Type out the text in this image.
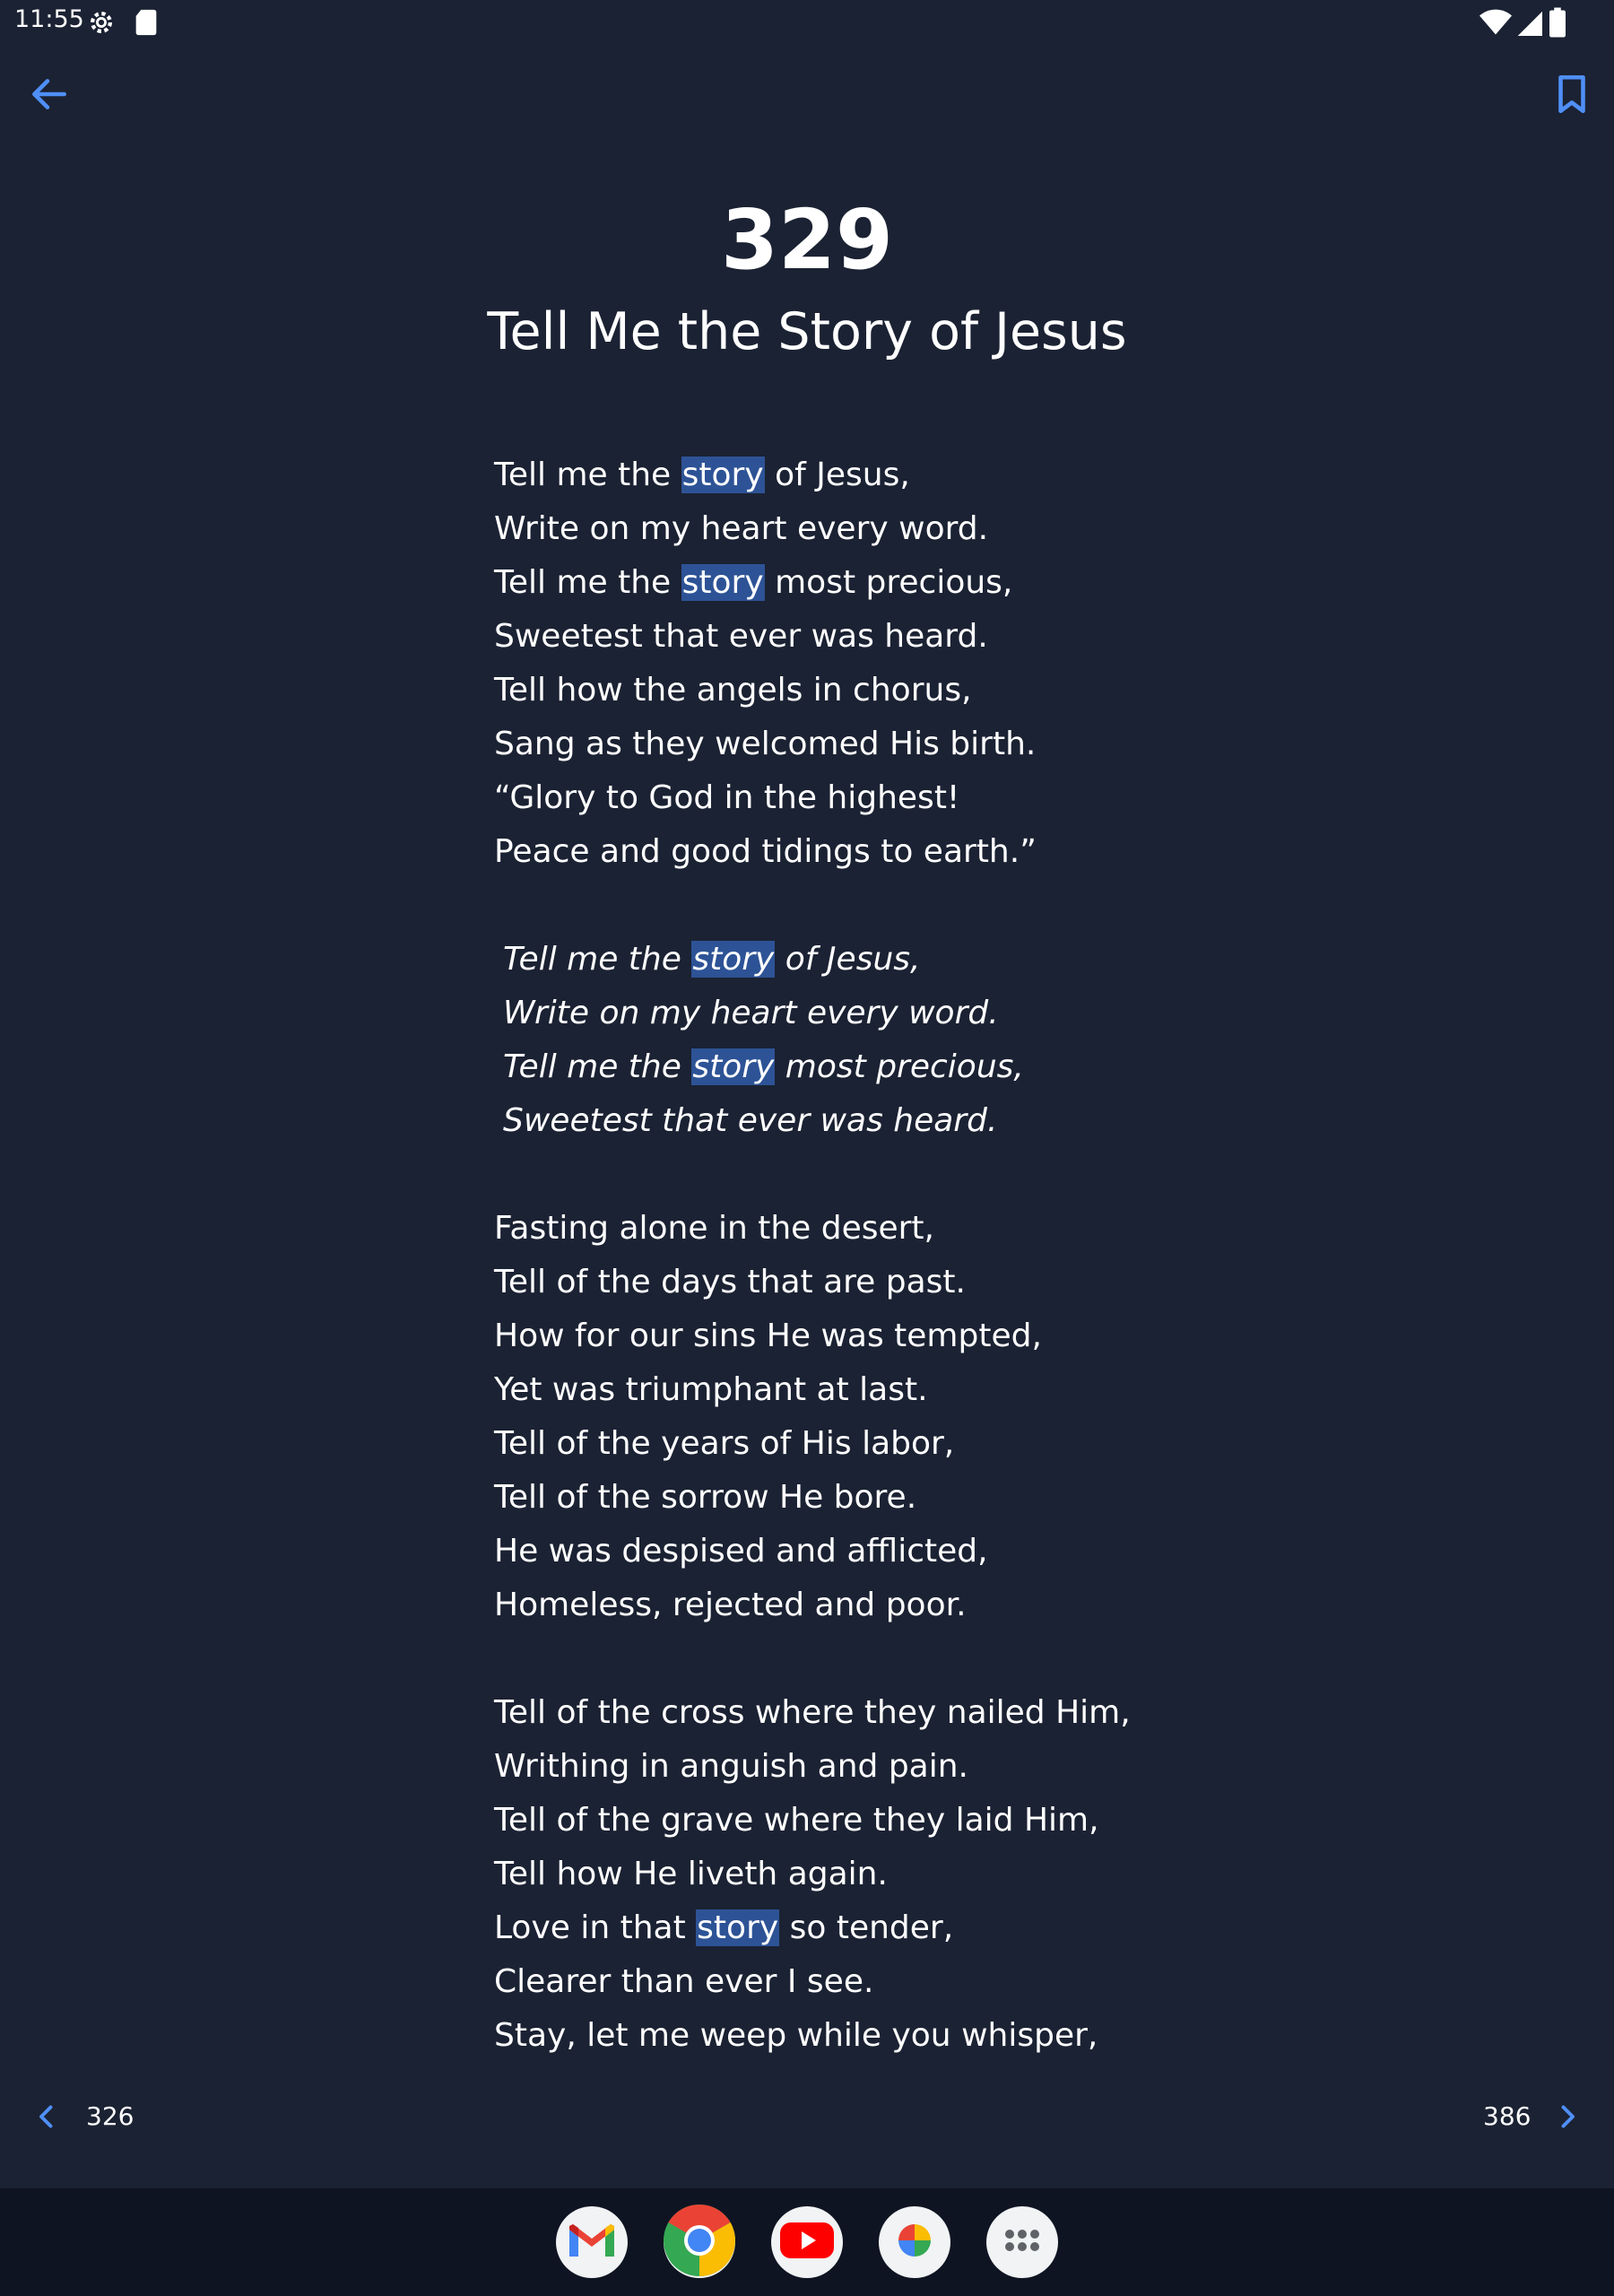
11:55
329
Tell Me the Story of Jesus
Tell me the story of Jesus,
Write on my heart every word.
Tell me the story most precious,
Sweetest that ever was heard.
Tell how the angels in chorus,
Sang as they welcomed His birth.
“Glory to God in the highest!
Peace and good tidings to earth.”
Tell me the story of Jesus,
Write on my heart every word.
Tell me the story most precious,
Sweetest that ever was heard.
Fasting alone in the desert,
Tell of the days that are past.
How for our sins He was tempted,
Yet was triumphant at last.
Tell of the years of His labor,
Tell of the sorrow He bore.
He was despised and afflicted,
Homeless, rejected and poor.
Tell of the cross where they nailed Him,
Writhing in anguish and pain.
Tell of the grave where they laid Him,
Tell how He liveth again.
Love in that story so tender,
Clearer than ever I see.
Stay, let me weep while you whisper,
326	386
